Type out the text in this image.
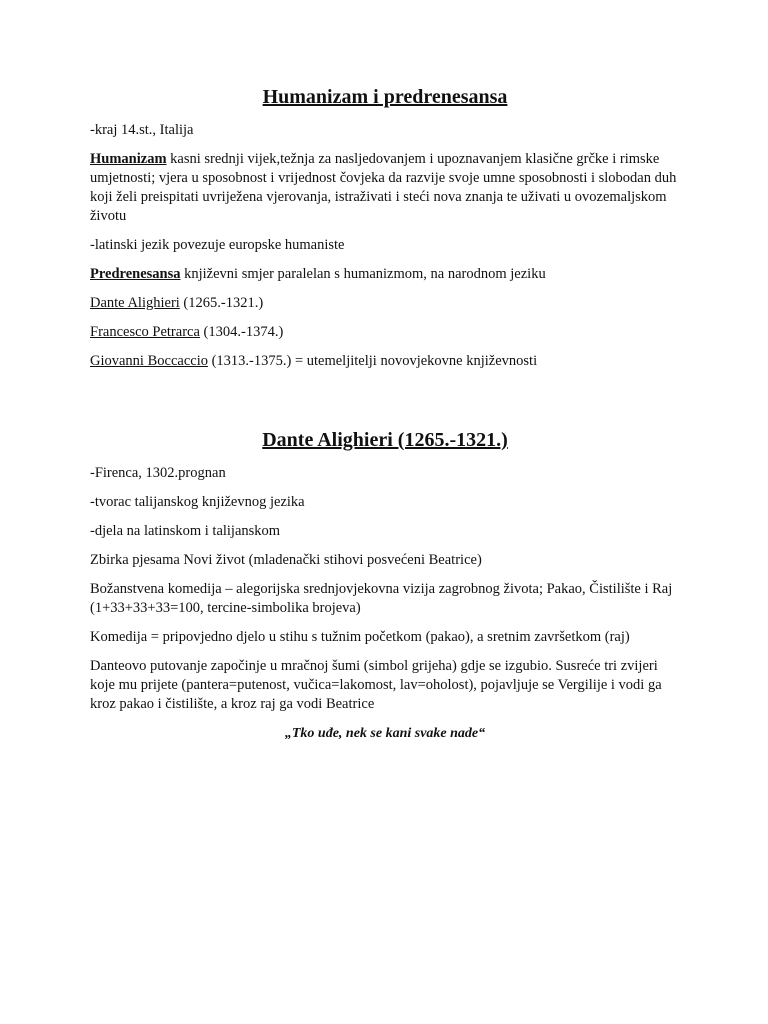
Humanizam i predrenesansa

-kraj 14.st., Italija

Humanizam kasni srednji vijek,težnja za nasljedovanjem i upoznavanjem klasične grčke i rimske umjetnosti; vjera u sposobnost i vrijednost čovjeka da razvije svoje umne sposobnosti i slobodan duh koji želi preispitati uvriježena vjerovanja, istraživati i steći nova znanja te uživati u ovozemaljskom životu

-latinski jezik povezuje europske humaniste

Predrenesansa književni smjer paralelan s humanizmom, na narodnom jeziku

Dante Alighieri (1265.-1321.)

Francesco Petrarca (1304.-1374.)

Giovanni Boccaccio (1313.-1375.) = utemeljitelji novovjekovne književnosti

Dante Alighieri (1265.-1321.)

-Firenca, 1302.prognan

-tvorac talijanskog književnog jezika

-djela na latinskom i talijanskom

Zbirka pjesama Novi život (mladenački stihovi posvećeni Beatrice)

Božanstvena komedija – alegorijska srednjovjekovna vizija zagrobnog života; Pakao, Čistilište i Raj (1+33+33+33=100, tercine-simbolika brojeva)

Komedija = pripovjedno djelo u stihu s tužnim početkom (pakao), a sretnim završetkom (raj)

Danteovo putovanje započinje u mračnoj šumi (simbol grijeha) gdje se izgubio. Susreće tri zvijeri koje mu prijete (pantera=putenost, vučica=lakomost, lav=oholost), pojavljuje se Vergilije i vodi ga kroz pakao i čistilište, a kroz raj ga vodi Beatrice

„Tko uđe, nek se kani svake nade“
